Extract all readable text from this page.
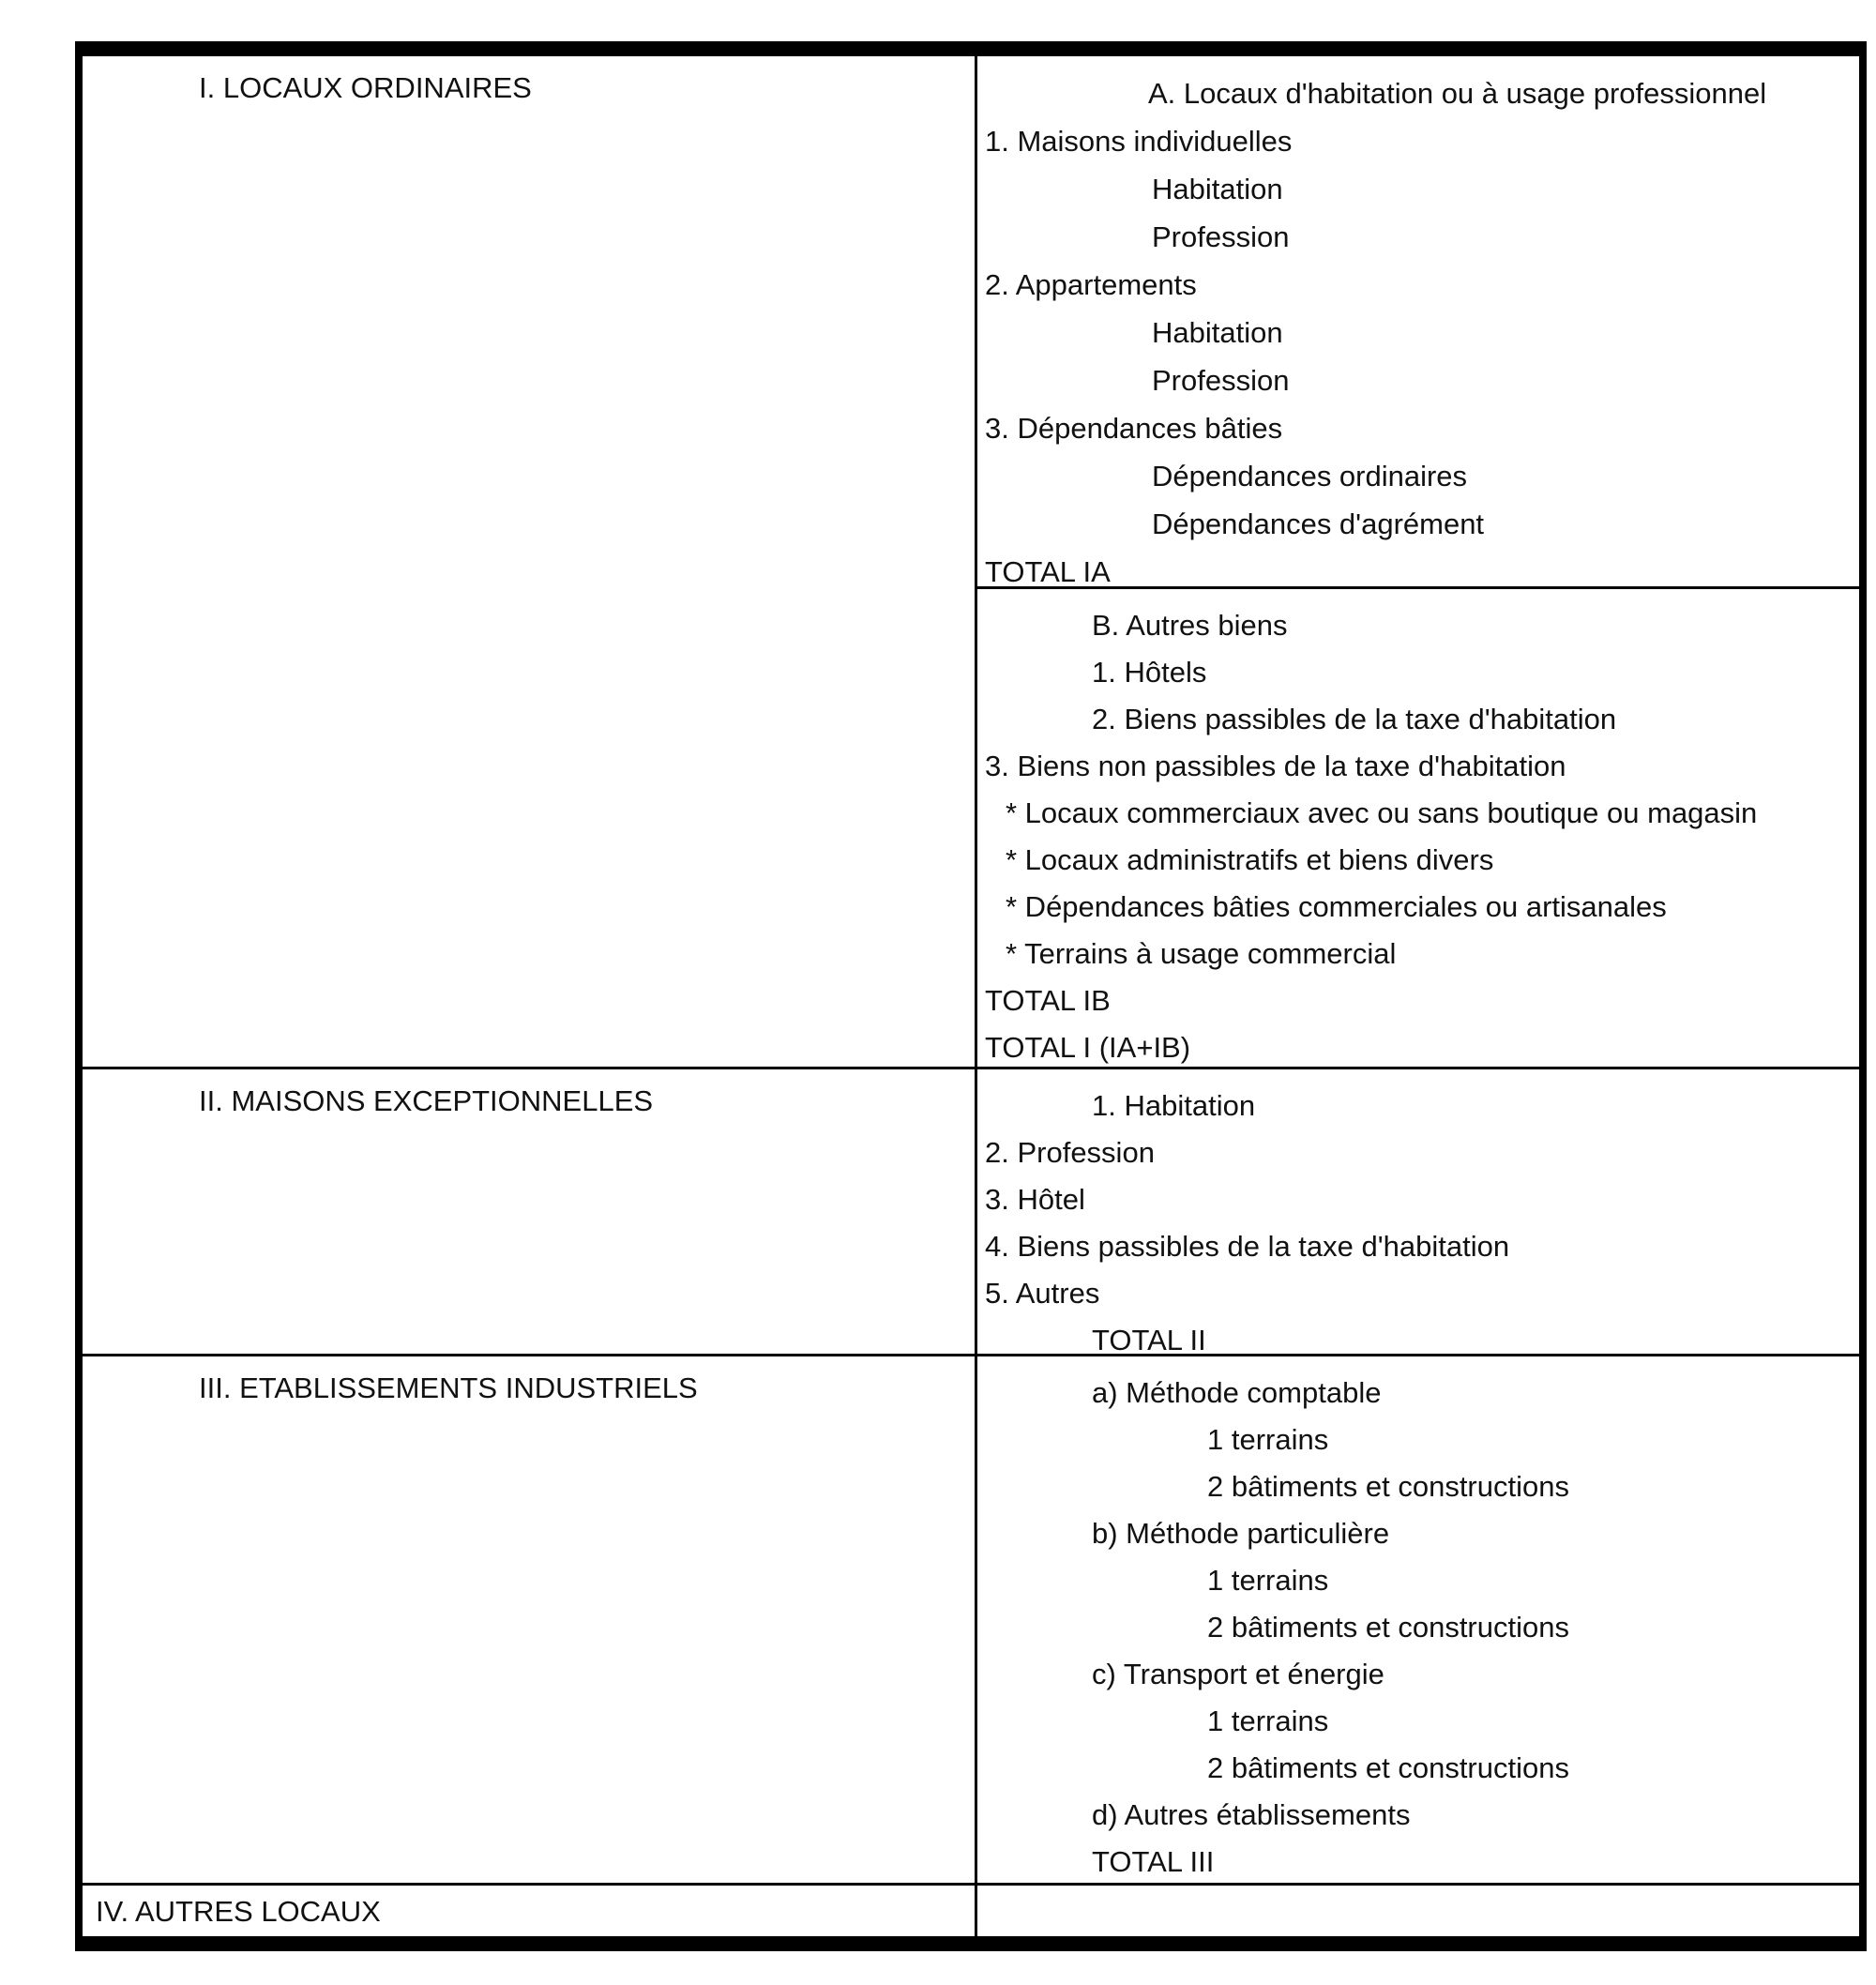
I. LOCAUX ORDINAIRES	A. Locaux d'habitation ou à usage professionnel
1. Maisons individuelles
Habitation
Profession
2. Appartements
Habitation
Profession
3. Dépendances bâties
Dépendances ordinaires
Dépendances d'agrément
TOTAL IA
B. Autres biens
1. Hôtels
2. Biens passibles de la taxe d'habitation
3. Biens non passibles de la taxe d'habitation
* Locaux commerciaux avec ou sans boutique ou magasin
* Locaux administratifs et biens divers
* Dépendances bâties commerciales ou artisanales
* Terrains à usage commercial
TOTAL IB
TOTAL I (IA+IB)
II. MAISONS EXCEPTIONNELLES	1. Habitation
2. Profession
3. Hôtel
4. Biens passibles de la taxe d'habitation
5. Autres
TOTAL II
III. ETABLISSEMENTS INDUSTRIELS	a) Méthode comptable
1 terrains
2 bâtiments et constructions
b) Méthode particulière
1 terrains
2 bâtiments et constructions
c) Transport et énergie
1 terrains
2 bâtiments et constructions
d) Autres établissements
TOTAL III
IV. AUTRES LOCAUX
